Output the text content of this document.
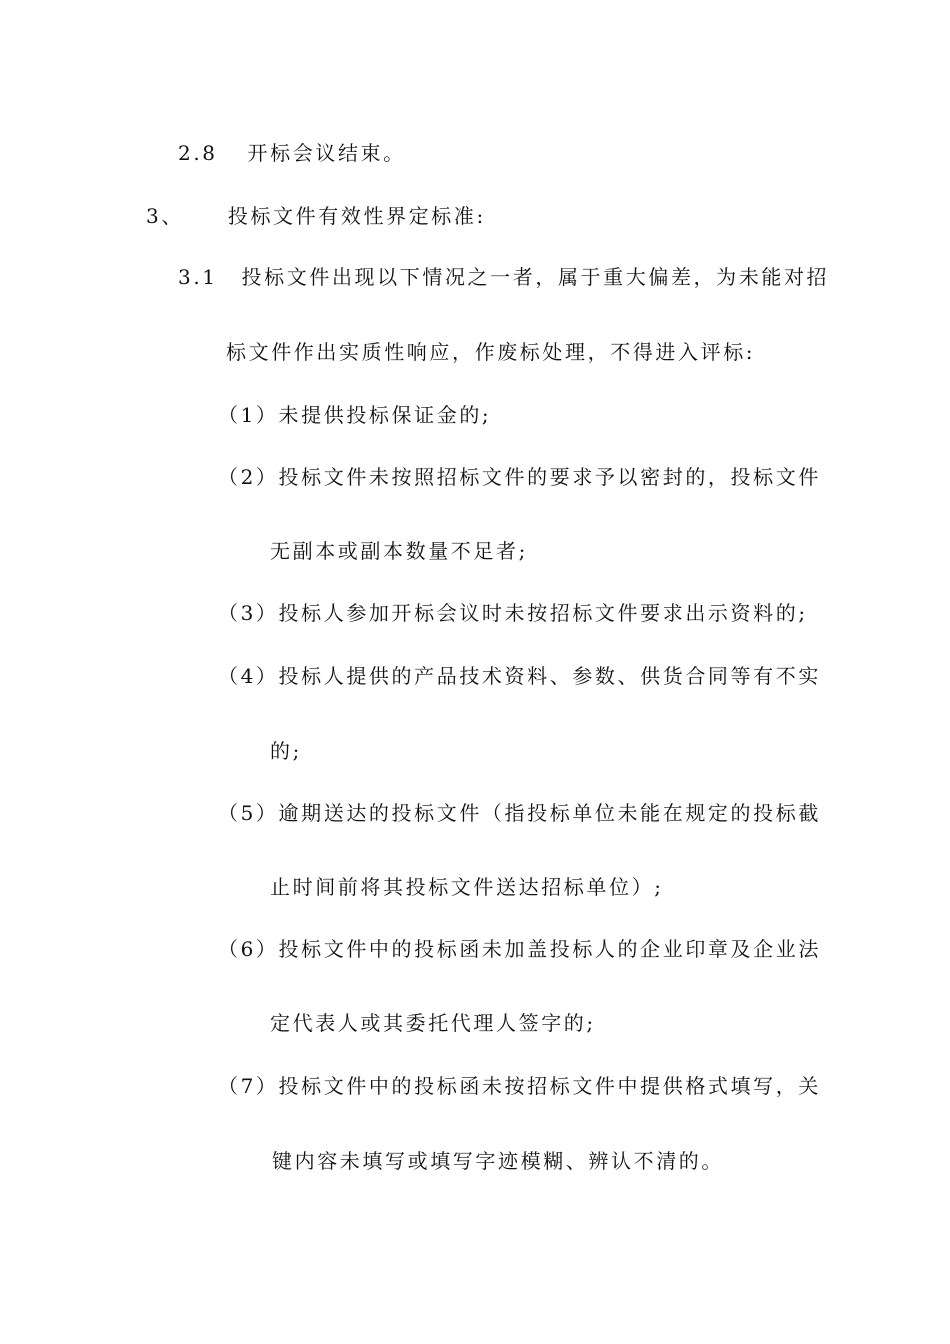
2.8 开标会议结束。
3、 投标文件有效性界定标准:
3.1 投标文件出现以下情况之一者，属于重大偏差，为未能对招
标文件作出实质性响应，作废标处理，不得进入评标:
（1）未提供投标保证金的;
（2）投标文件未按照招标文件的要求予以密封的，投标文件
无副本或副本数量不足者;
（3）投标人参加开标会议时未按招标文件要求出示资料的;
（4）投标人提供的产品技术资料、参数、供货合同等有不实
的;
（5）逾期送达的投标文件（指投标单位未能在规定的投标截
止时间前将其投标文件送达招标单位）;
（6）投标文件中的投标函未加盖投标人的企业印章及企业法
定代表人或其委托代理人签字的;
（7）投标文件中的投标函未按招标文件中提供格式填写，关
键内容未填写或填写字迹模糊、辨认不清的。
